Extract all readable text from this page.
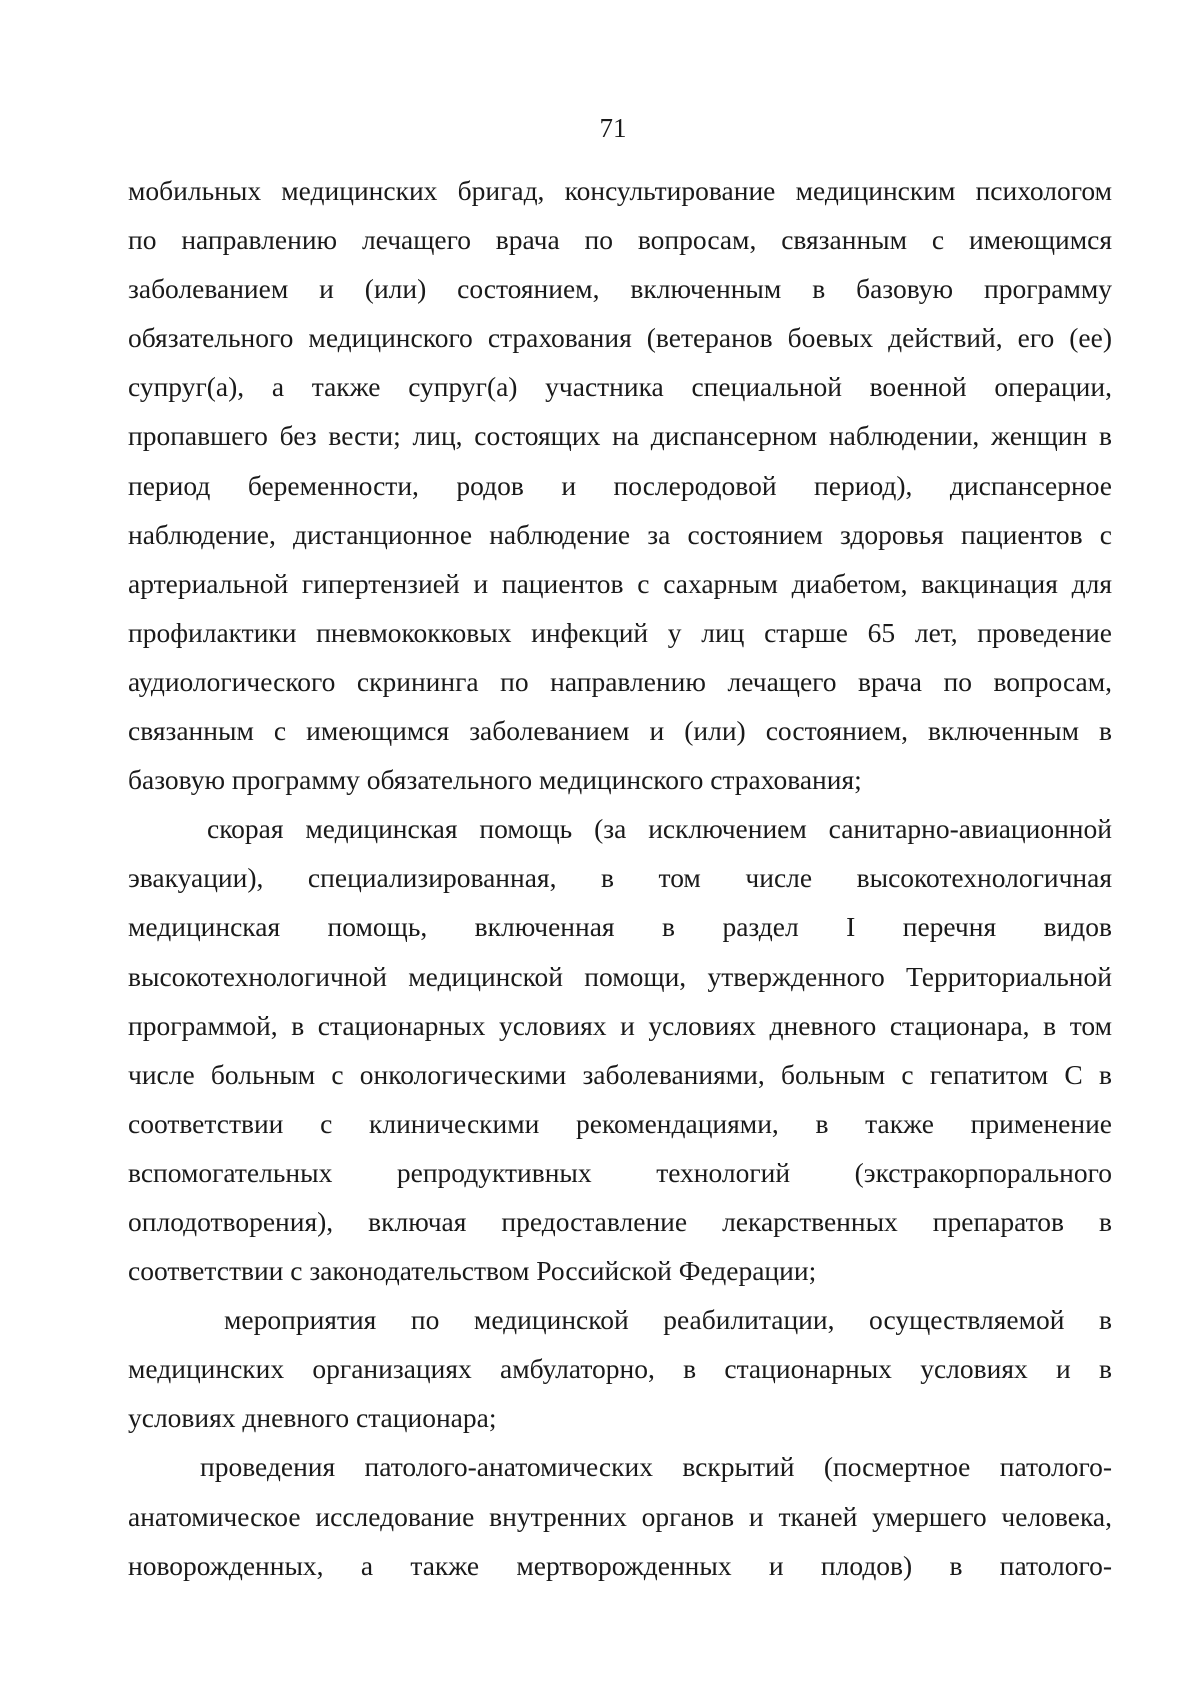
71
мобильных медицинских бригад, консультирование медицинским психологом
по направлению лечащего врача по вопросам, связанным с имеющимся
заболеванием и (или) состоянием, включенным в базовую программу
обязательного медицинского страхования (ветеранов боевых действий, его (ее)
супруг(а), а также супруг(а) участника специальной военной операции,
пропавшего без вести; лиц, состоящих на диспансерном наблюдении, женщин в
период беременности, родов и послеродовой период), диспансерное
наблюдение, дистанционное наблюдение за состоянием здоровья пациентов с
артериальной гипертензией и пациентов с сахарным диабетом, вакцинация для
профилактики пневмококковых инфекций у лиц старше 65 лет, проведение
аудиологического скрининга по направлению лечащего врача по вопросам,
связанным с имеющимся заболеванием и (или) состоянием, включенным в
базовую программу обязательного медицинского страхования;
скорая медицинская помощь (за исключением санитарно-авиационной
эвакуации), специализированная, в том числе высокотехнологичная
медицинская помощь, включенная в раздел I перечня видов
высокотехнологичной медицинской помощи, утвержденного Территориальной
программой, в стационарных условиях и условиях дневного стационара, в том
числе больным с онкологическими заболеваниями, больным с гепатитом С в
соответствии с клиническими рекомендациями, в также применение
вспомогательных репродуктивных технологий (экстракорпорального
оплодотворения), включая предоставление лекарственных препаратов в
соответствии с законодательством Российской Федерации;
мероприятия по медицинской реабилитации, осуществляемой в
медицинских организациях амбулаторно, в стационарных условиях и в
условиях дневного стационара;
проведения патолого-анатомических вскрытий (посмертное патолого-
анатомическое исследование внутренних органов и тканей умершего человека,
новорожденных, а также мертворожденных и плодов) в патолого-
